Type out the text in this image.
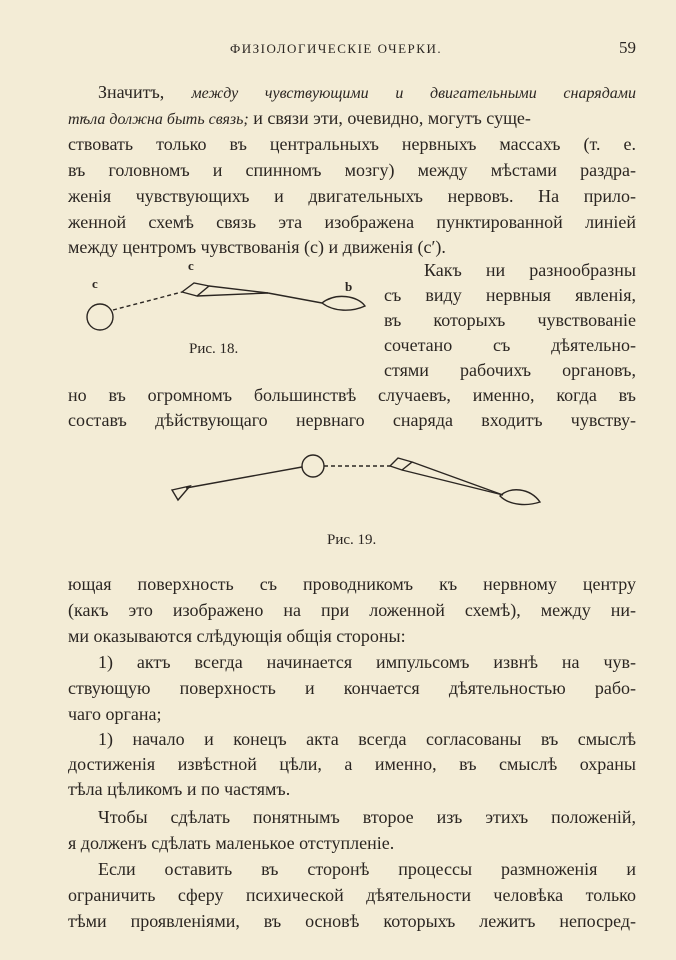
ФИЗІОЛОГИЧЕСКІЕ ОЧЕРКИ.	59
Значитъ, между чувствующими и двигательными снарядами
тѣла должна быть связь; и связи эти, очевидно, могутъ суще-
ствовать только въ центральныхъ нервныхъ массахъ (т. е.
въ головномъ и спинномъ мозгу) между мѣстами раздра-
женія чувствующихъ и двигательныхъ нервовъ. На прило-
женной схемѣ связь эта изображена пунктированной линіей
между центромъ чувствованія (c) и движенія (c′).
c
c	b
Рис. 18.
Какъ ни разнообразны
съ виду нервныя явленія,
въ которыхъ чувствованіе
сочетано съ дѣятельно-
стями рабочихъ органовъ,
но въ огромномъ большинствѣ случаевъ, именно, когда въ
составъ дѣйствующаго нервнаго снаряда входитъ чувству-
Рис. 19.
ющая поверхность съ проводникомъ къ нервному центру
(какъ это изображено на при ложенной схемѣ), между ни-
ми оказываются слѣдующія общія стороны:
1) актъ всегда начинается импульсомъ извнѣ на чув-
ствующую поверхность и кончается дѣятельностью рабо-
чаго органа;
1) начало и конецъ акта всегда согласованы въ смыслѣ
достиженія извѣстной цѣли, а именно, въ смыслѣ охраны
тѣла цѣликомъ и по частямъ.
Чтобы сдѣлать понятнымъ второе изъ этихъ положеній,
я долженъ сдѣлать маленькое отступленіе.
Если оставить въ сторонѣ процессы размноженія и
ограничить сферу психической дѣятельности человѣка только
тѣми проявленіями, въ основѣ которыхъ лежитъ непосред-
